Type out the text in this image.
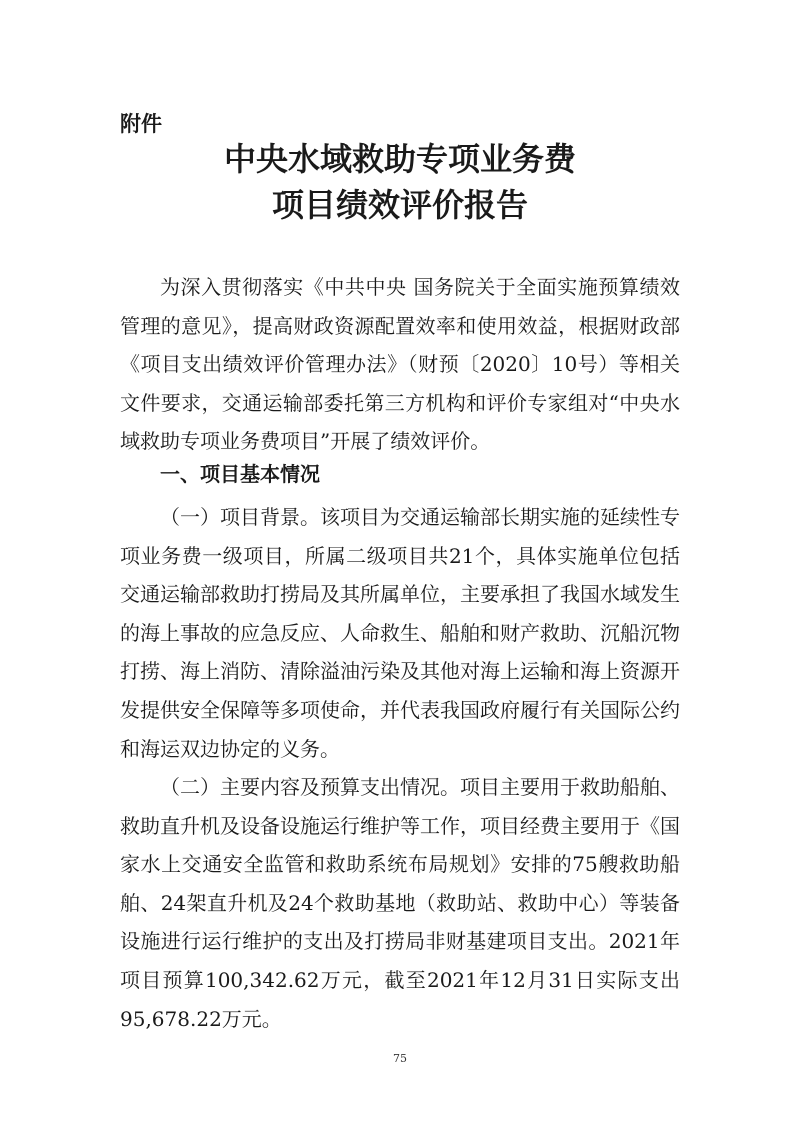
附件

中央水域救助专项业务费
项目绩效评价报告
为深入贯彻落实《中共中央 国务院关于全面实施预算绩效
管理的意见》，提高财政资源配置效率和使用效益，根据财政部
《项目支出绩效评价管理办法》（财预〔2020〕10号）等相关
文件要求，交通运输部委托第三方机构和评价专家组对“中央水
域救助专项业务费项目”开展了绩效评价。
一、项目基本情况
（一）项目背景。该项目为交通运输部长期实施的延续性专
项业务费一级项目，所属二级项目共21个，具体实施单位包括
交通运输部救助打捞局及其所属单位，主要承担了我国水域发生
的海上事故的应急反应、人命救生、船舶和财产救助、沉船沉物
打捞、海上消防、清除溢油污染及其他对海上运输和海上资源开
发提供安全保障等多项使命，并代表我国政府履行有关国际公约
和海运双边协定的义务。
（二）主要内容及预算支出情况。项目主要用于救助船舶、
救助直升机及设备设施运行维护等工作，项目经费主要用于《国
家水上交通安全监管和救助系统布局规划》安排的75艘救助船
舶、24架直升机及24个救助基地（救助站、救助中心）等装备
设施进行运行维护的支出及打捞局非财基建项目支出。2021年
项目预算100,342.62万元，截至2021年12月31日实际支出
95,678.22万元。
75
